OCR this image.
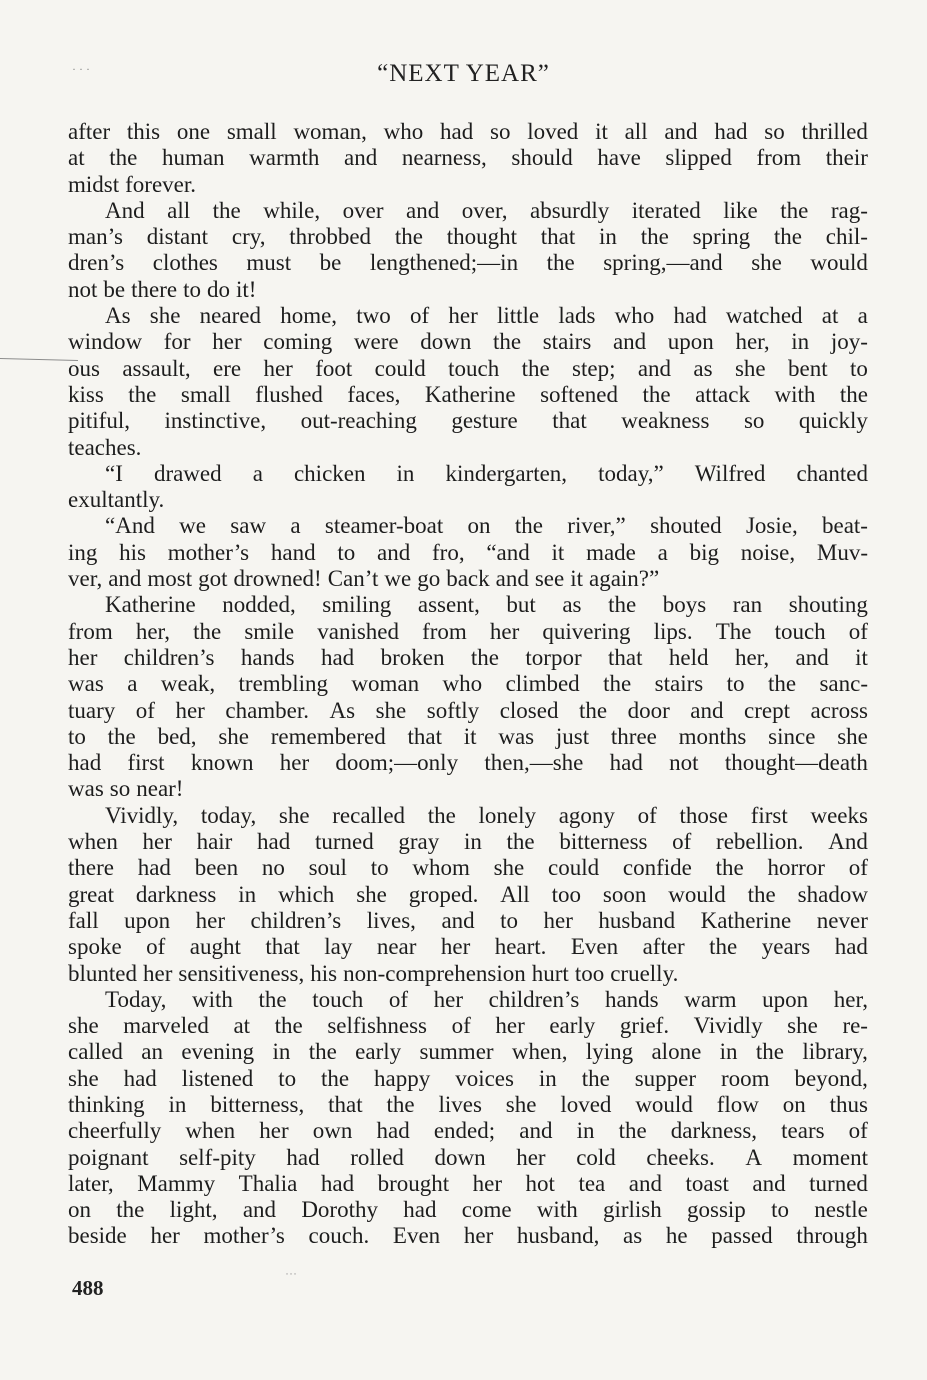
“NEXT YEAR”
· · ·
˙˙˙
after this one small woman, who had so loved it all and had so thrilled
at the human warmth and nearness, should have slipped from their
midst forever.
And all the while, over and over, absurdly iterated like the rag-
man’s distant cry, throbbed the thought that in the spring the chil-
dren’s clothes must be lengthened;—in the spring,—and she would
not be there to do it!
As she neared home, two of her little lads who had watched at a
window for her coming were down the stairs and upon her, in joy-
ous assault, ere her foot could touch the step; and as she bent to
kiss the small flushed faces, Katherine softened the attack with the
pitiful, instinctive, out-reaching gesture that weakness so quickly
teaches.
“I drawed a chicken in kindergarten, today,” Wilfred chanted
exultantly.
“And we saw a steamer-boat on the river,” shouted Josie, beat-
ing his mother’s hand to and fro, “and it made a big noise, Muv-
ver, and most got drowned! Can’t we go back and see it again?”
Katherine nodded, smiling assent, but as the boys ran shouting
from her, the smile vanished from her quivering lips. The touch of
her children’s hands had broken the torpor that held her, and it
was a weak, trembling woman who climbed the stairs to the sanc-
tuary of her chamber. As she softly closed the door and crept across
to the bed, she remembered that it was just three months since she
had first known her doom;—only then,—she had not thought—death
was so near!
Vividly, today, she recalled the lonely agony of those first weeks
when her hair had turned gray in the bitterness of rebellion. And
there had been no soul to whom she could confide the horror of
great darkness in which she groped. All too soon would the shadow
fall upon her children’s lives, and to her husband Katherine never
spoke of aught that lay near her heart. Even after the years had
blunted her sensitiveness, his non-comprehension hurt too cruelly.
Today, with the touch of her children’s hands warm upon her,
she marveled at the selfishness of her early grief. Vividly she re-
called an evening in the early summer when, lying alone in the library,
she had listened to the happy voices in the supper room beyond,
thinking in bitterness, that the lives she loved would flow on thus
cheerfully when her own had ended; and in the darkness, tears of
poignant self-pity had rolled down her cold cheeks. A moment
later, Mammy Thalia had brought her hot tea and toast and turned
on the light, and Dorothy had come with girlish gossip to nestle
beside her mother’s couch. Even her husband, as he passed through
488
